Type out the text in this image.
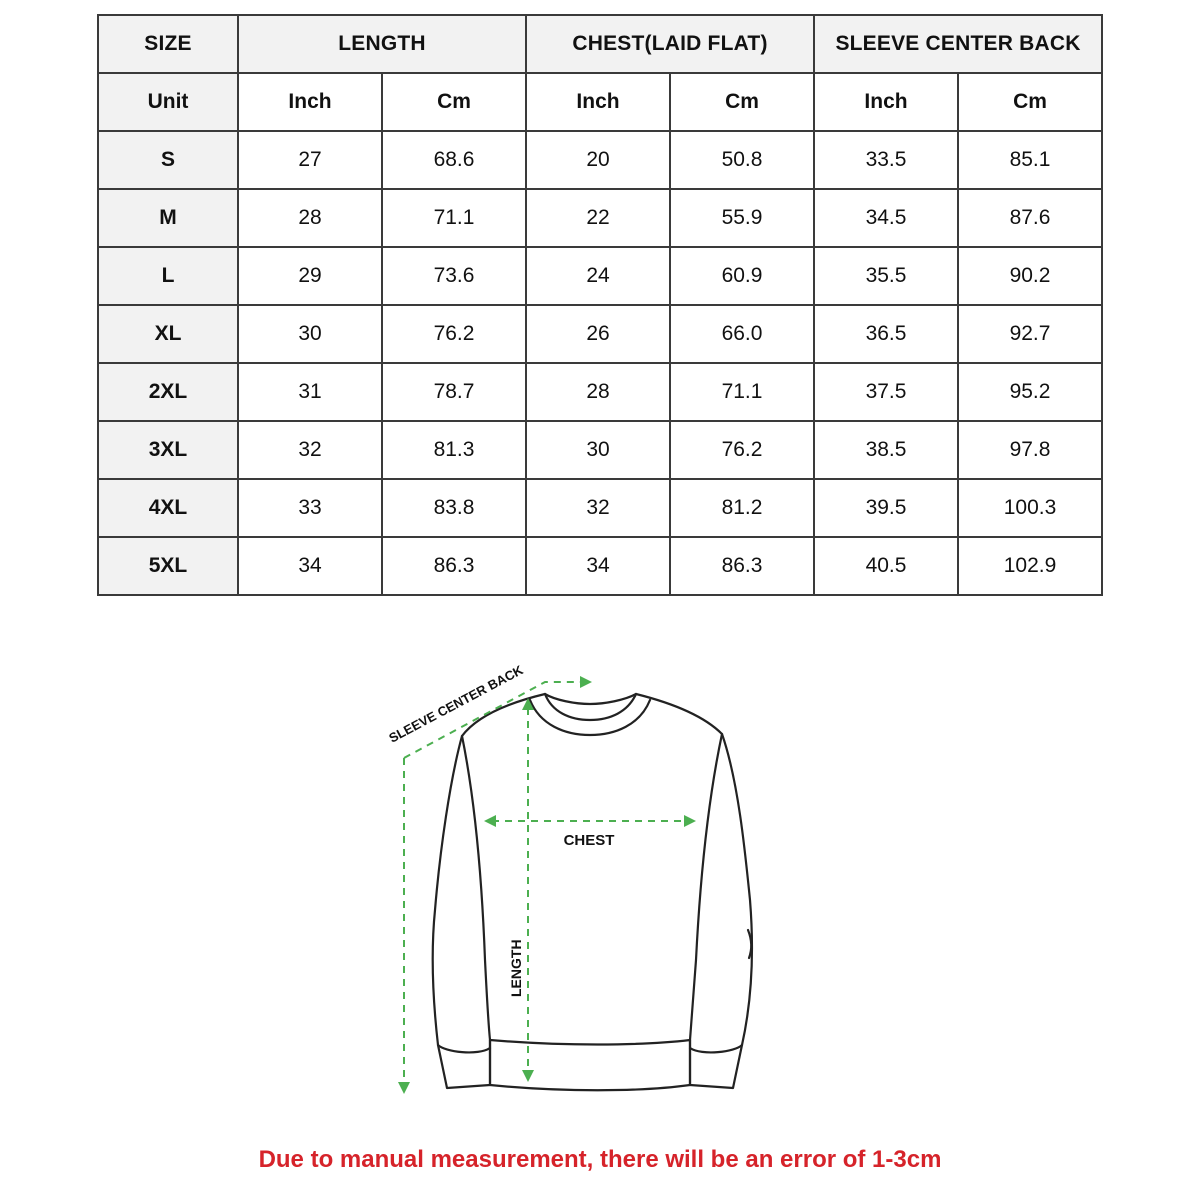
SIZE	LENGTH		CHEST(LAID FLAT)		SLEEVE CENTER BACK	
Unit	Inch	Cm	Inch	Cm	Inch	Cm
S	27	68.6	20	50.8	33.5	85.1
M	28	71.1	22	55.9	34.5	87.6
L	29	73.6	24	60.9	35.5	90.2
XL	30	76.2	26	66.0	36.5	92.7
2XL	31	78.7	28	71.1	37.5	95.2
3XL	32	81.3	30	76.2	38.5	97.8
4XL	33	83.8	32	81.2	39.5	100.3
5XL	34	86.3	34	86.3	40.5	102.9
SLEEVE CENTER BACK
CHEST
LENGTH
Due to manual measurement, there will be an error of 1-3cm
